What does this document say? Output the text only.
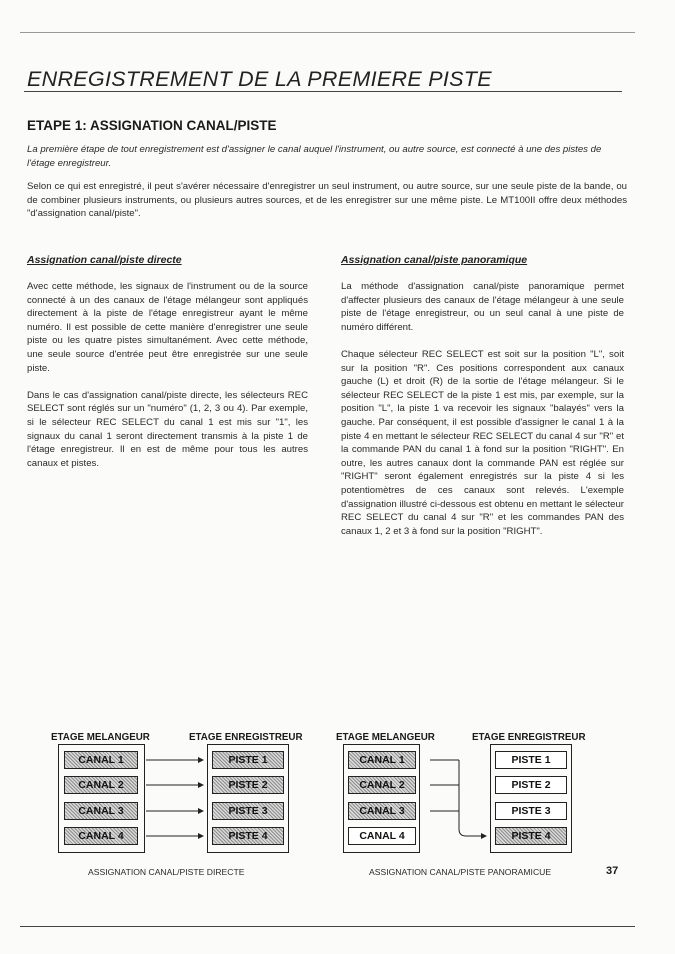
ENREGISTREMENT DE LA PREMIERE PISTE
ETAPE 1: ASSIGNATION CANAL/PISTE
La première étape de tout enregistrement est d'assigner le canal auquel l'instrument, ou autre source, est connecté à une des pistes de l'étage enregistreur.
Selon ce qui est enregistré, il peut s'avérer nécessaire d'enregistrer un seul instrument, ou autre source, sur une seule piste de la bande, ou de combiner plusieurs instruments, ou plusieurs autres sources, et de les enregistrer sur une même piste. Le MT100II offre deux méthodes "d'assignation canal/piste".
Assignation canal/piste directe	Assignation canal/piste panoramique

Avec cette méthode, les signaux de l'instrument ou de la source connecté à un des canaux de l'étage mélangeur sont appliqués directement à la piste de l'étage enregistreur ayant le même numéro. Il est possible de cette manière d'enregistrer une seule piste ou les quatre pistes simultanément. Avec cette méthode, une seule source d'entrée peut être enregistrée sur une seule piste.

Dans le cas d'assignation canal/piste directe, les sélecteurs REC SELECT sont réglés sur un "numéro" (1, 2, 3 ou 4). Par exemple, si le sélecteur REC SELECT du canal 1 est mis sur "1", les signaux du canal 1 seront directement transmis à la piste 1 de l'étage enregistreur. Il en est de même pour tous les autres canaux et pistes.

La méthode d'assignation canal/piste panoramique permet d'affecter plusieurs des canaux de l'étage mélangeur à une seule piste de l'étage enregistreur, ou un seul canal à une piste de numéro différent.

Chaque sélecteur REC SELECT est soit sur la position "L", soit sur la position "R". Ces positions correspondent aux canaux gauche (L) et droit (R) de la sortie de l'étage mélangeur. Si le sélecteur REC SELECT de la piste 1 est mis, par exemple, sur la position "L", la piste 1 va recevoir les signaux "balayés" vers la gauche. Par conséquent, il est possible d'assigner le canal 1 à la piste 4 en mettant le sélecteur REC SELECT du canal 4 sur "R" et la commande PAN du canal 1 à fond sur la position "RIGHT". En outre, les autres canaux dont la commande PAN est réglée sur "RIGHT" seront également enregistrés sur la piste 4 si les potentiomètres de ces canaux sont relevés. L'exemple d'assignation illustré ci-dessous est obtenu en mettant le sélecteur REC SELECT du canal 4 sur "R" et les commandes PAN des canaux 1, 2 et 3 à fond sur la position "RIGHT".

ETAGE MELANGEUR	ETAGE ENREGISTREUR
CANAL 1
CANAL 2
CANAL 3
CANAL 4
PISTE 1
PISTE 2
PISTE 3
PISTE 4
ASSIGNATION CANAL/PISTE DIRECTE
ETAGE MELANGEUR	ETAGE ENREGISTREUR
CANAL 1
CANAL 2
CANAL 3
CANAL 4
PISTE 1
PISTE 2
PISTE 3
PISTE 4
ASSIGNATION CANAL/PISTE PANORAMICUE	37
